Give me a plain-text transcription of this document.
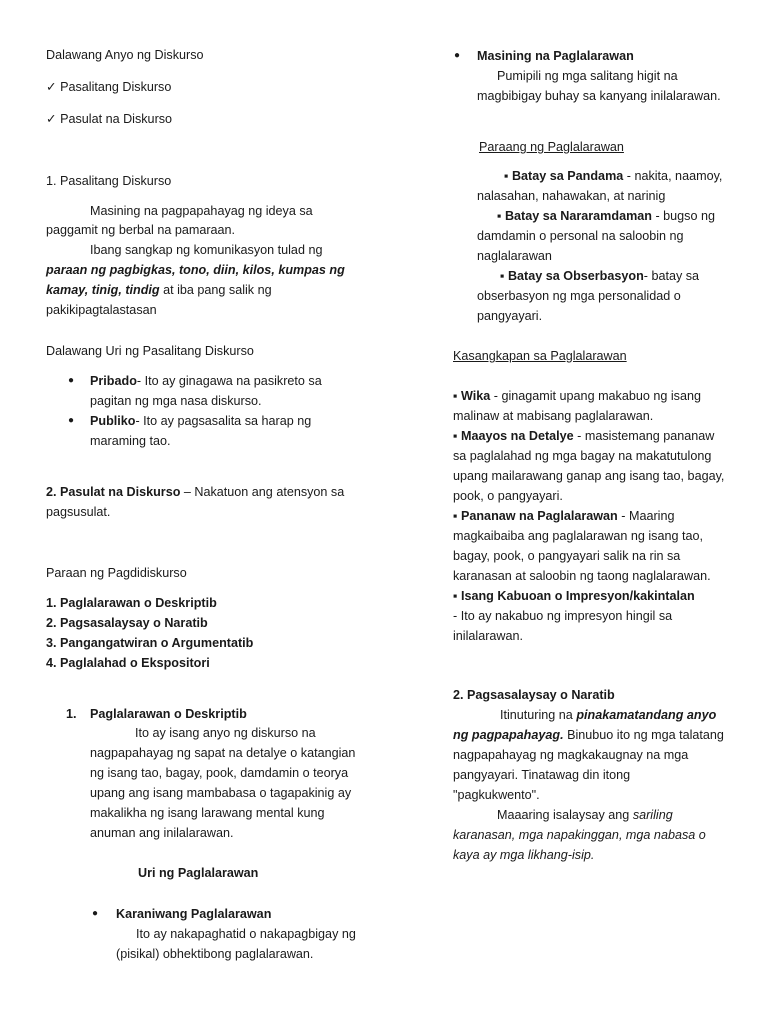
Dalawang Anyo ng Diskurso
✓ Pasalitang Diskurso
✓ Pasulat na Diskurso
1. Pasalitang Diskurso
Masining na pagpapahayag ng ideya sa
paggamit ng berbal na pamaraan.
Ibang sangkap ng komunikasyon tulad ng
paraan ng pagbigkas, tono, diin, kilos, kumpas ng
kamay, tinig, tindig at iba pang salik ng
pakikipagtalastasan
Dalawang Uri ng Pasalitang Diskurso
● Pribado- Ito ay ginagawa na pasikreto sa
pagitan ng mga nasa diskurso.
● Publiko- Ito ay pagsasalita sa harap ng
maraming tao.
2. Pasulat na Diskurso – Nakatuon ang atensyon sa
pagsusulat.
Paraan ng Pagdidiskurso
1. Paglalarawan o Deskriptib
2. Pagsasalaysay o Naratib
3. Pangangatwiran o Argumentatib
4. Paglalahad o Ekspositori
1. Paglalarawan o Deskriptib
Ito ay isang anyo ng diskurso na
nagpapahayag ng sapat na detalye o katangian
ng isang tao, bagay, pook, damdamin o teorya
upang ang isang mambabasa o tagapakinig ay
makalikha ng isang larawang mental kung
anuman ang inilalarawan.
Uri ng Paglalarawan
● Karaniwang Paglalarawan
Ito ay nakapaghatid o nakapagbigay ng
(pisikal) obhektibong paglalarawan.
● Masining na Paglalarawan
Pumipili ng mga salitang higit na
magbibigay buhay sa kanyang inilalarawan.
Paraang ng Paglalarawan
▪ Batay sa Pandama - nakita, naamoy,
nalasahan, nahawakan, at narinig
▪ Batay sa Nararamdaman - bugso ng
damdamin o personal na saloobin ng
naglalarawan
▪ Batay sa Obserbasyon- batay sa
obserbasyon ng mga personalidad o
pangyayari.
Kasangkapan sa Paglalarawan
▪ Wika - ginagamit upang makabuo ng isang
malinaw at mabisang paglalarawan.
▪ Maayos na Detalye - masistemang pananaw
sa paglalahad ng mga bagay na makatutulong
upang mailarawang ganap ang isang tao, bagay,
pook, o pangyayari.
▪ Pananaw na Paglalarawan - Maaring
magkaibaiba ang paglalarawan ng isang tao,
bagay, pook, o pangyayari salik na rin sa
karanasan at saloobin ng taong naglalarawan.
▪ Isang Kabuoan o Impresyon/kakintalan
- Ito ay nakabuo ng impresyon hingil sa
inilalarawan.
2. Pagsasalaysay o Naratib
Itinuturing na pinakamatandang anyo
ng pagpapahayag. Binubuo ito ng mga talatang
nagpapahayag ng magkakaugnay na mga
pangyayari. Tinatawag din itong
"pagkukwento".
Maaaring isalaysay ang sariling
karanasan, mga napakinggan, mga nabasa o
kaya ay mga likhang-isip.
